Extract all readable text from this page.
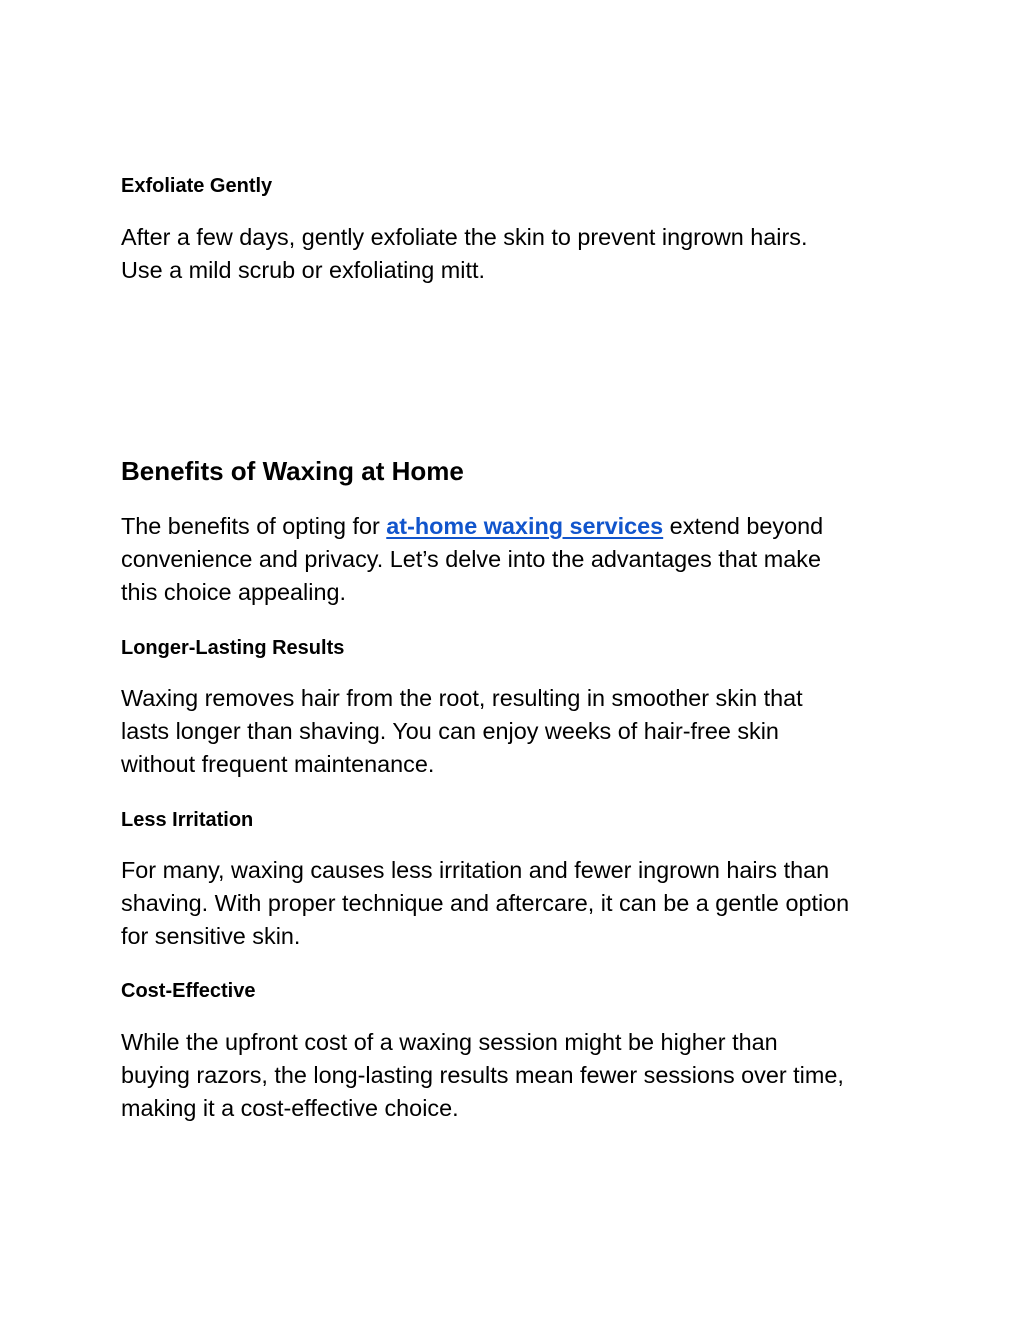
Exfoliate Gently

After a few days, gently exfoliate the skin to prevent ingrown hairs.
Use a mild scrub or exfoliating mitt.

Benefits of Waxing at Home

The benefits of opting for at-home waxing services extend beyond
convenience and privacy. Let’s delve into the advantages that make
this choice appealing.

Longer-Lasting Results

Waxing removes hair from the root, resulting in smoother skin that
lasts longer than shaving. You can enjoy weeks of hair-free skin
without frequent maintenance.

Less Irritation

For many, waxing causes less irritation and fewer ingrown hairs than
shaving. With proper technique and aftercare, it can be a gentle option
for sensitive skin.

Cost-Effective

While the upfront cost of a waxing session might be higher than
buying razors, the long-lasting results mean fewer sessions over time,
making it a cost-effective choice.
